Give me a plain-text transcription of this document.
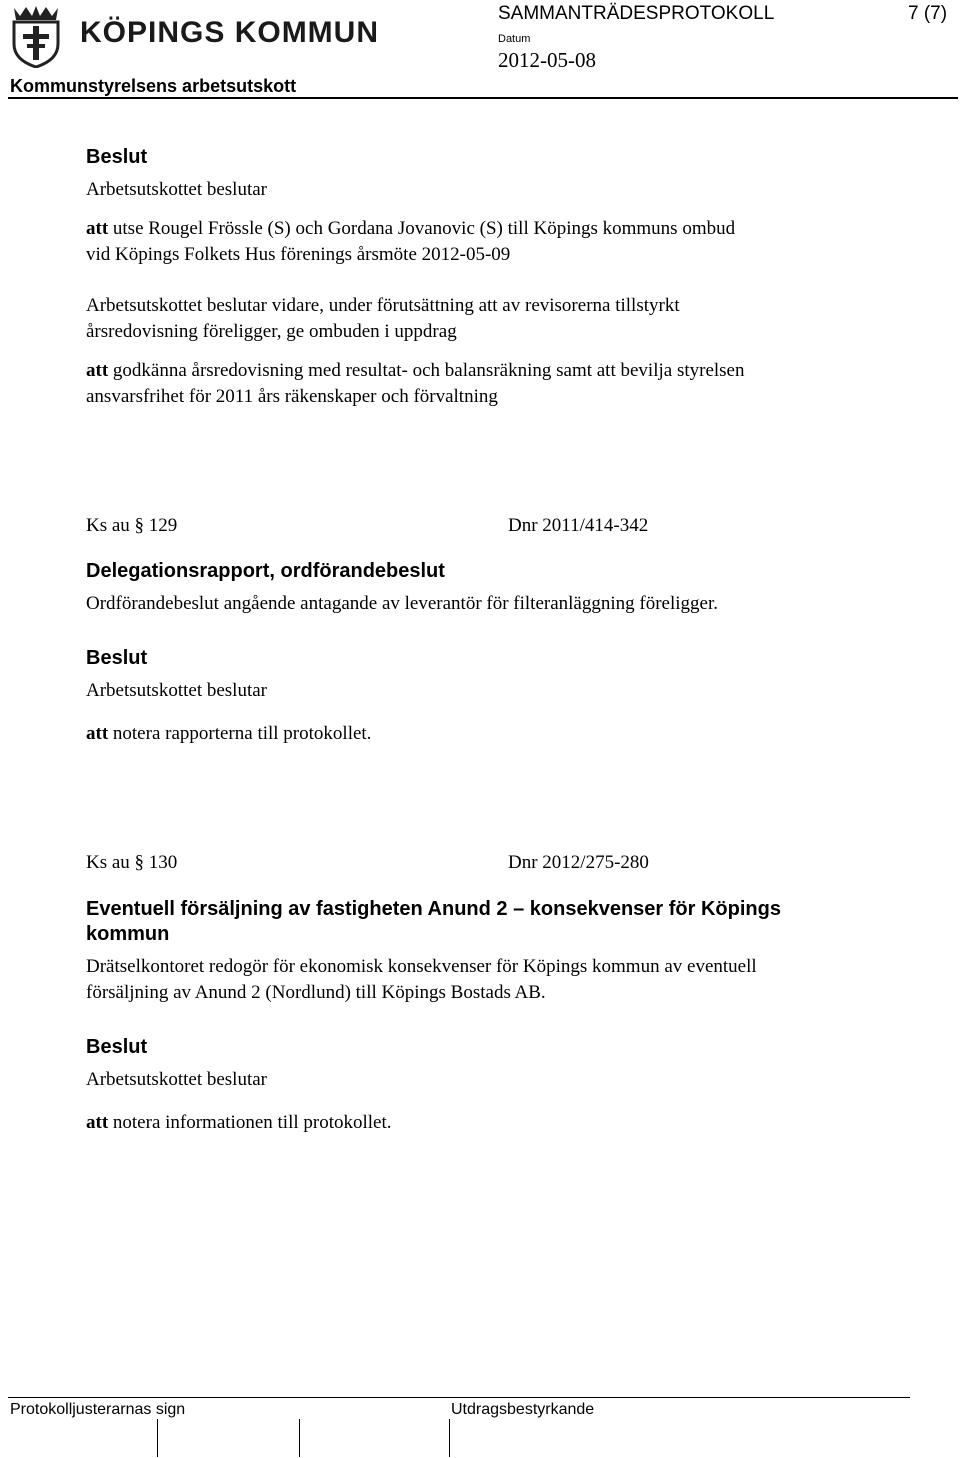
KÖPINGS KOMMUN
SAMMANTRÄDESPROTOKOLL	7 (7)
Datum
2012-05-08
Kommunstyrelsens arbetsutskott
Beslut
Arbetsutskottet beslutar
att utse Rougel Frössle (S) och Gordana Jovanovic (S) till Köpings kommuns ombud
vid Köpings Folkets Hus förenings årsmöte 2012-05-09
Arbetsutskottet beslutar vidare, under förutsättning att av revisorerna tillstyrkt
årsredovisning föreligger, ge ombuden i uppdrag
att godkänna årsredovisning med resultat- och balansräkning samt att bevilja styrelsen
ansvarsfrihet för 2011 års räkenskaper och förvaltning
Ks au § 129	Dnr 2011/414-342
Delegationsrapport, ordförandebeslut
Ordförandebeslut angående antagande av leverantör för filteranläggning föreligger.
Beslut
Arbetsutskottet beslutar
att notera rapporterna till protokollet.
Ks au § 130	Dnr 2012/275-280
Eventuell försäljning av fastigheten Anund 2 – konsekvenser för Köpings
kommun
Drätselkontoret redogör för ekonomisk konsekvenser för Köpings kommun av eventuell
försäljning av Anund 2 (Nordlund) till Köpings Bostads AB.
Beslut
Arbetsutskottet beslutar
att notera informationen till protokollet.
Protokolljusterarnas sign	Utdragsbestyrkande
